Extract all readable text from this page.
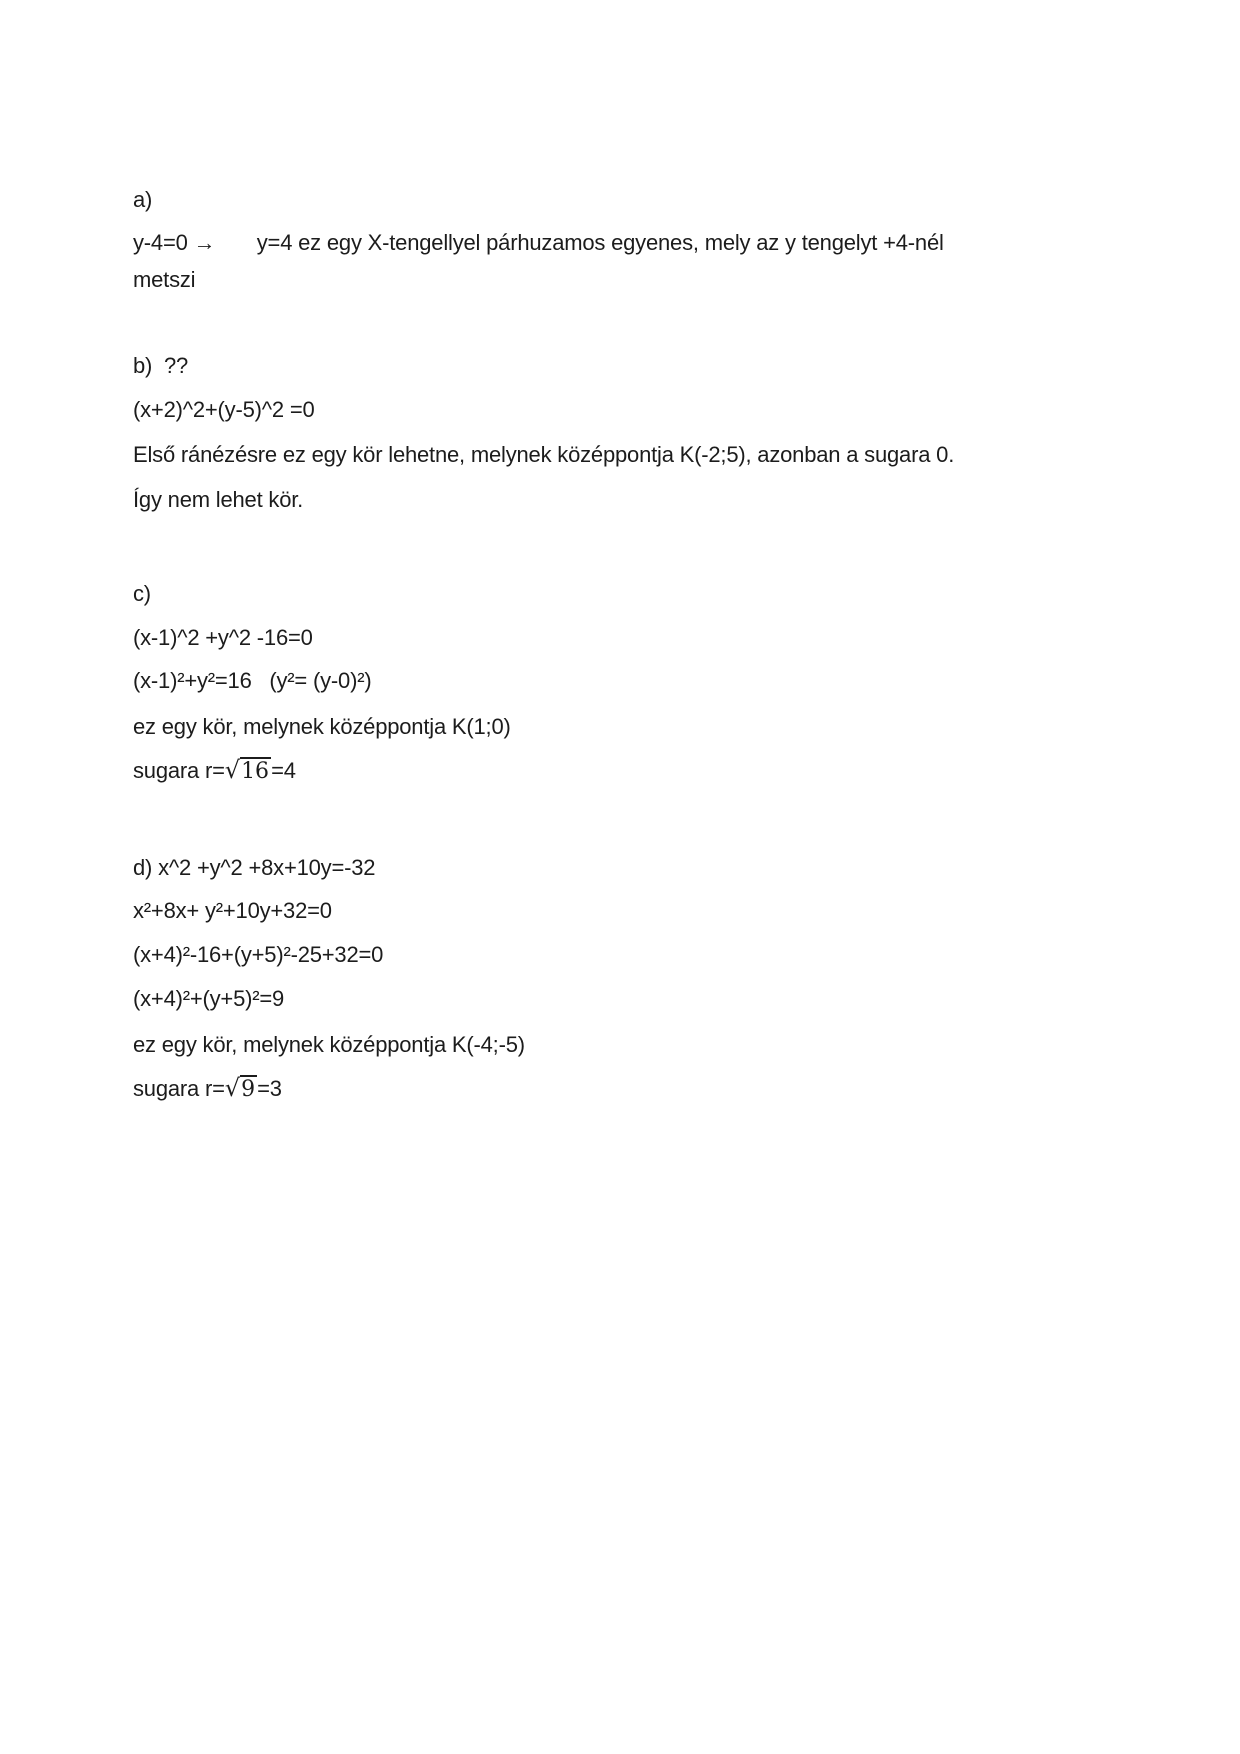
a)

y-4=0 →       y=4 ez egy X-tengellyel párhuzamos egyenes, mely az y tengelyt +4-nél

metszi

b)  ??

(x+2)^2+(y-5)^2 =0

Első ránézésre ez egy kör lehetne, melynek középpontja K(-2;5), azonban a sugara 0.

Így nem lehet kör.

c)

(x-1)^2 +y^2 -16=0

(x-1)²+y²=16   (y²= (y-0)²)

ez egy kör, melynek középpontja K(1;0)

sugara r=√16=4

d) x^2 +y^2 +8x+10y=-32

x²+8x+ y²+10y+32=0

(x+4)²-16+(y+5)²-25+32=0

(x+4)²+(y+5)²=9

ez egy kör, melynek középpontja K(-4;-5)

sugara r=√9=3
